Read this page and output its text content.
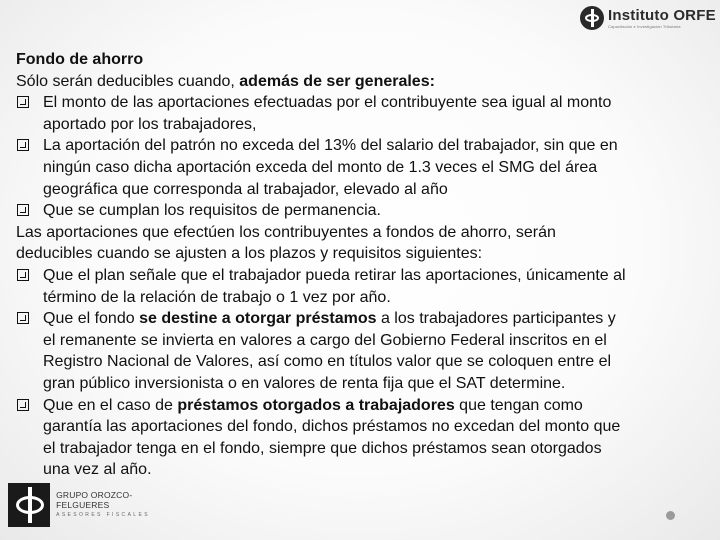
Instituto ORFE
Capacitación e Investigación Tributaria
Fondo de ahorro
Sólo serán deducibles cuando, además de ser generales:
El monto de las aportaciones efectuadas por el contribuyente sea igual al monto
aportado por los trabajadores,
La aportación del patrón no exceda del 13% del salario del trabajador, sin que en
ningún caso dicha aportación exceda del monto de 1.3 veces el SMG del área
geográfica que corresponda al trabajador, elevado al año
Que se cumplan los requisitos de permanencia.
Las aportaciones que efectúen los contribuyentes a fondos de ahorro, serán
deducibles cuando se ajusten a los plazos y requisitos siguientes:
Que el plan señale que el trabajador pueda retirar las aportaciones, únicamente al
término de la relación de trabajo o 1 vez por año.
Que el fondo se destine a otorgar préstamos a los trabajadores participantes y
el remanente se invierta en valores a cargo del Gobierno Federal inscritos en el
Registro Nacional de Valores, así como en títulos valor que se coloquen entre el
gran público inversionista o en valores de renta fija que el SAT determine.
Que en el caso de préstamos otorgados a trabajadores que tengan como
garantía las aportaciones del fondo, dichos préstamos no excedan del monto que
el trabajador tenga en el fondo, siempre que dichos préstamos sean otorgados
una vez al año.
GRUPO OROZCO-FELGUERES
ASESORES FISCALES
